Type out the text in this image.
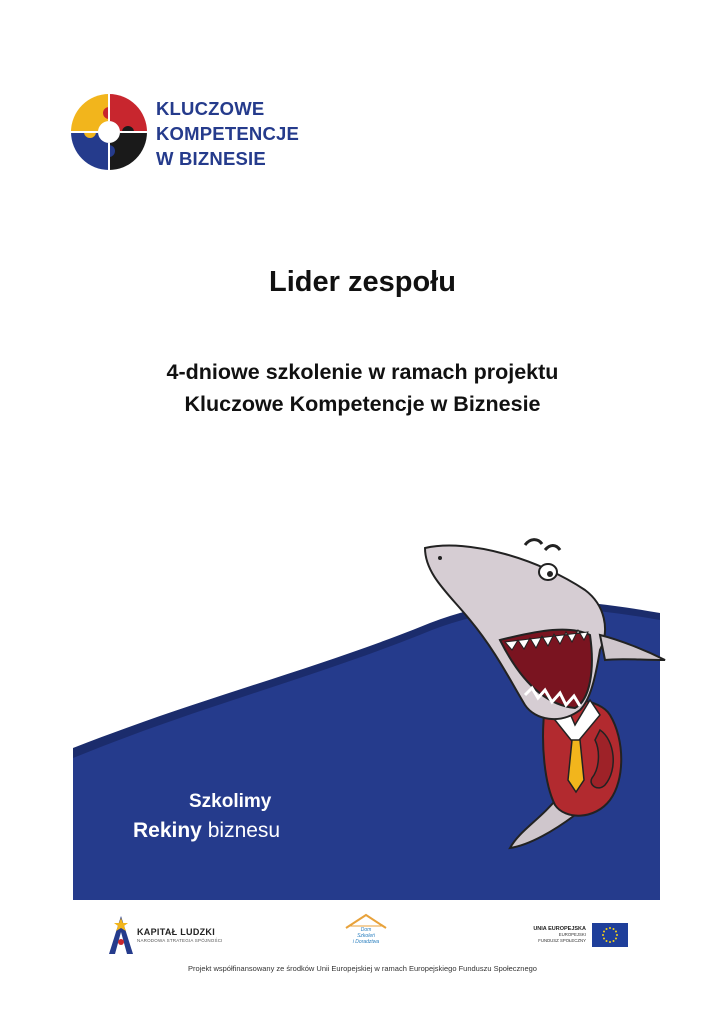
KLUCZOWE
KOMPETENCJE
W BIZNESIE
Lider zespołu
4-dniowe szkolenie w ramach projektu
Kluczowe Kompetencje w Biznesie
Szkolimy
Rekiny biznesu
KAPITAŁ LUDZKI
NARODOWA STRATEGIA SPÓJNOŚCI
Dom
Szkoleń
i Doradztwa
UNIA EUROPEJSKA
EUROPEJSKI
FUNDUSZ SPOŁECZNY
Projekt współfinansowany ze środków Unii Europejskiej w ramach Europejskiego Funduszu Społecznego
